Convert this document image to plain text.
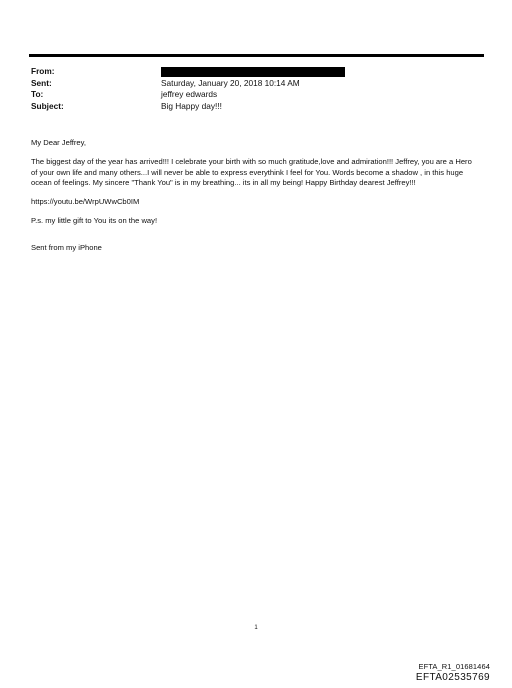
From:
Sent:	Saturday, January 20, 2018 10:14 AM
To:	jeffrey edwards
Subject:	Big Happy day!!!

My Dear Jeffrey,

The biggest day of the year has arrived!!! I celebrate your birth with so much gratitude,love and admiration!!! Jeffrey, you are a Hero of your own life and many others...I will never be able to express everythink I feel for You. Words become a shadow , in this huge ocean of feelings. My sincere "Thank You" is in my breathing... its in all my being! Happy Birthday dearest Jeffrey!!!

https://youtu.be/WrpUWwCb0IM

P.s. my little gift to You its on the way!

Sent from my iPhone

1
EFTA_R1_01681464
EFTA02535769
